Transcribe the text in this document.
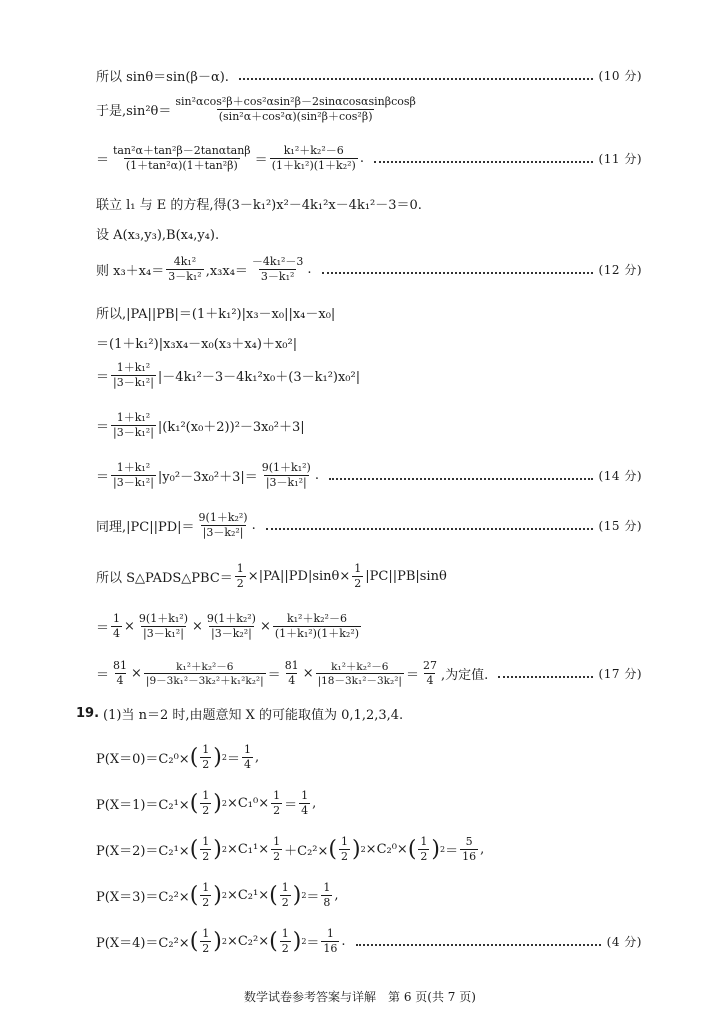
所以 sinθ＝sin(β－α).	(10 分)
于是$,\sin^2\theta= \frac{\text{sin²αcos²β＋cos²αsin²β－2sinαcosαsinβcosβ}}{\text{(sin²α＋cos²α)(sin²β＋cos²β)}}$
＝ $\frac{\text{tan²α＋tan²β－2tanαtanβ}}{\text{(1＋tan²α)(1＋tan²β)}} = \frac{\text{k₁²＋k₂²－6}}{\text{(1＋k₁²)(1＋k₂²)}}$ .	(11 分)
联立 l₁ 与 E 的方程,得(3－k₁²)x²－4k₁²x－4k₁²－3＝0.
设 A(x₃,y₃),B(x₄,y₄).
则 $x_3+x_4= \frac{\text{4k₁²}}{\text{3－k₁²}} ,x_3x_4= \frac{\text{－4k₁²－3}}{\text{3－k₁²}}$ .	(12 分)
所以,|PA||PB|＝(1＋k₁²)|x₃－x₀||x₄－x₀|
＝(1＋k₁²)|x₃x₄－x₀(x₃＋x₄)＋x₀²|
＝ $\frac{\text{1＋k₁²}}{\text{|3－k₁²|}} |-4k_1^2-3-4k_1^2x_0+(3-k_1^2)x_0^2|$
＝ $\frac{\text{1＋k₁²}}{\text{|3－k₁²|}} |(k_1^2(x_0+2))^2-3x_0^2+3|$
＝ $\frac{\text{1＋k₁²}}{\text{|3－k₁²|}} |y_0^2-3x_0^2+3|= \frac{\text{9(1＋k₁²)}}{\text{|3－k₁²|}}$ .	(14 分)
同理$,|PC||PD|= \frac{\text{9(1＋k₂²)}}{\text{|3－k₂²|}}$ .	(15 分)
所以 S△PADS△PBC＝ $\frac{1}{2} \times|PA||PD|\sin\theta\times \frac{1}{2} |PC||PB|\sin\theta$
＝ $\frac{1}{4} \times \frac{\text{9(1＋k₁²)}}{\text{|3－k₁²|}} \times \frac{\text{9(1＋k₂²)}}{\text{|3－k₂²|}} \times \frac{\text{k₁²＋k₂²－6}}{\text{(1＋k₁²)(1＋k₂²)}}$
＝ $\frac{81}{4} \times \frac{\text{k₁²＋k₂²－6}}{\text{|9－3k₁²－3k₂²＋k₁²k₂²|}} = \frac{81}{4} \times \frac{\text{k₁²＋k₂²－6}}{\text{|18－3k₁²－3k₂²|}} = \frac{27}{4}$ ,为定值.	(17 分)
19. (1)当 n＝2 时,由题意知 X 的可能取值为 0,1,2,3,4.
P(X＝0)＝C₂⁰× ( $\frac{1}{2}$ ) $2 = \frac{1}{4}$ ,
P(X＝1)＝C₂¹× ( $\frac{1}{2}$ ) $2 \times C_1^0\times \frac{1}{2} = \frac{1}{4}$ ,
P(X＝2)＝C₂¹× ( $\frac{1}{2}$ ) $2 \times C_1^1\times \frac{1}{2} +C_2^2\times$ ( $\frac{1}{2}$ ) 2 ×C₂⁰× ( $\frac{1}{2}$ ) $2 = \frac{5}{16}$ ,
P(X＝3)＝C₂²× ( $\frac{1}{2}$ ) 2 ×C₂¹× ( $\frac{1}{2}$ ) $2 = \frac{1}{8}$ ,
P(X＝4)＝C₂²× ( $\frac{1}{2}$ ) 2 ×C₂²× ( $\frac{1}{2}$ ) $2 = \frac{1}{16}$ .	(4 分)
数学试卷参考答案与详解　第 6 页(共 7 页)
